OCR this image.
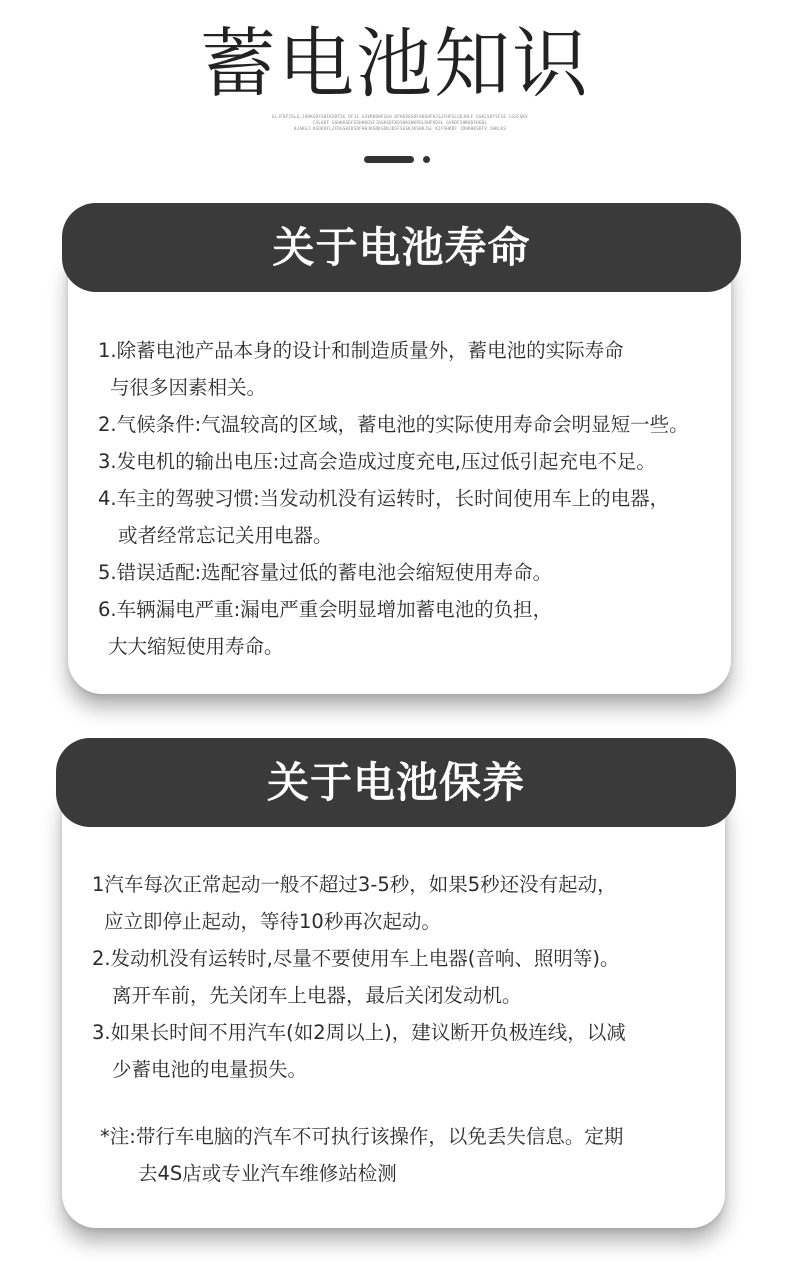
蓄电池知识
ELJFDFJSLG,JHDKSDFSHIKSDFSG DFJL GSVRKDHFSGH DFHSV8SDFAKSHFKJSJFHFGLGDJHLF GSKLSDFSFGE LGSFGKV
CSLKDF GSHKKSDFGSHHKDSFJDGKSDFKDSHKSNKPGLDHFKDSL GVKDFSHKKDFHGDL
KJAKSJ KSDKDFLJFDGSHIKSDFHHJKSRKSDKJDSFSGSKJKSHKJSL KJFSHKDF JDHKHKSDFV JHKLKS
关于电池寿命
1.除蓄电池产品本身的设计和制造质量外，蓄电池的实际寿命
与很多因素相关。
2.气候条件:气温较高的区域，蓄电池的实际使用寿命会明显短一些。
3.发电机的输出电压:过高会造成过度充电,压过低引起充电不足。
4.车主的驾驶习惯:当发动机没有运转时，长时间使用车上的电器，
或者经常忘记关用电器。
5.错误适配:选配容量过低的蓄电池会缩短使用寿命。
6.车辆漏电严重:漏电严重会明显增加蓄电池的负担，
大大缩短使用寿命。
关于电池保养
1汽车每次正常起动一般不超过3-5秒，如果5秒还没有起动，
应立即停止起动，等待10秒再次起动。
2.发动机没有运转时,尽量不要使用车上电器(音响、照明等)。
离开车前，先关闭车上电器，最后关闭发动机。
3.如果长时间不用汽车(如2周以上)，建议断开负极连线，以减
少蓄电池的电量损失。
*注:带行车电脑的汽车不可执行该操作，以免丢失信息。定期
去4S店或专业汽车维修站检测
